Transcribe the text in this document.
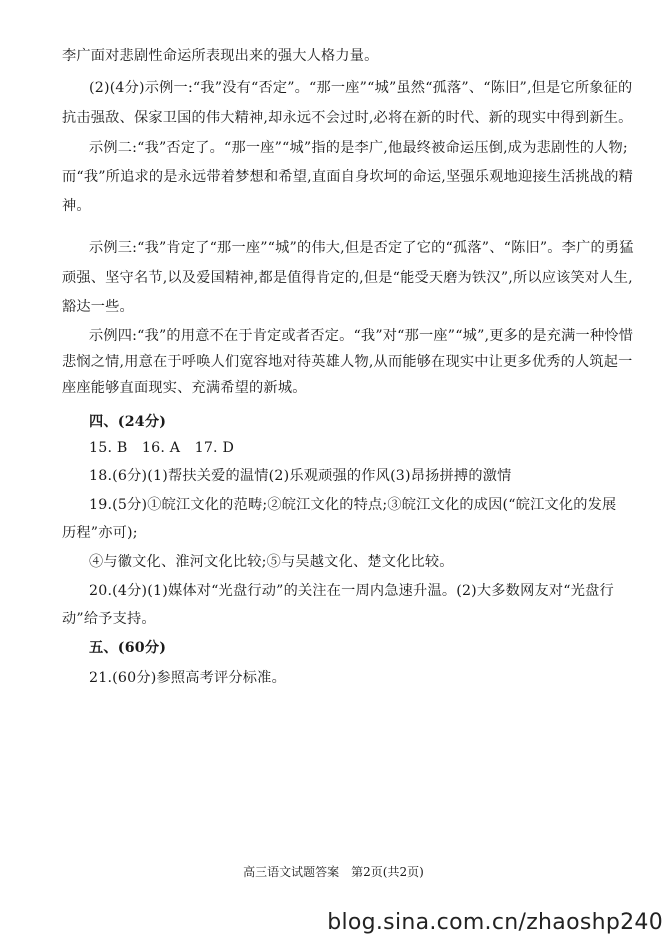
李广面对悲剧性命运所表现出来的强大人格力量。
(2)(4分)示例一:“我”没有“否定”。“那一座”“城”虽然“孤落”、“陈旧”,但是它所象征的
抗击强敌、保家卫国的伟大精神,却永远不会过时,必将在新的时代、新的现实中得到新生。
示例二:“我”否定了。“那一座”“城”指的是李广,他最终被命运压倒,成为悲剧性的人物;
而“我”所追求的是永远带着梦想和希望,直面自身坎坷的命运,坚强乐观地迎接生活挑战的精
神。
示例三:“我”肯定了“那一座”“城”的伟大,但是否定了它的“孤落”、“陈旧”。李广的勇猛
顽强、坚守名节,以及爱国精神,都是值得肯定的,但是“能受天磨为铁汉”,所以应该笑对人生,
豁达一些。
示例四:“我”的用意不在于肯定或者否定。“我”对“那一座”“城”,更多的是充满一种怜惜
悲悯之情,用意在于呼唤人们宽容地对待英雄人物,从而能够在现实中让更多优秀的人筑起一
座座能够直面现实、充满希望的新城。
四、(24分)
15. B　16. A　17. D
18.(6分)(1)帮扶关爱的温情(2)乐观顽强的作风(3)昂扬拼搏的激情
19.(5分)①皖江文化的范畴;②皖江文化的特点;③皖江文化的成因(“皖江文化的发展
历程”亦可);
④与徽文化、淮河文化比较;⑤与吴越文化、楚文化比较。
20.(4分)(1)媒体对“光盘行动”的关注在一周内急速升温。(2)大多数网友对“光盘行
动”给予支持。
五、(60分)
21.(60分)参照高考评分标准。
高三语文试题答案　第2页(共2页)
blog.sina.com.cn/zhaoshp240
